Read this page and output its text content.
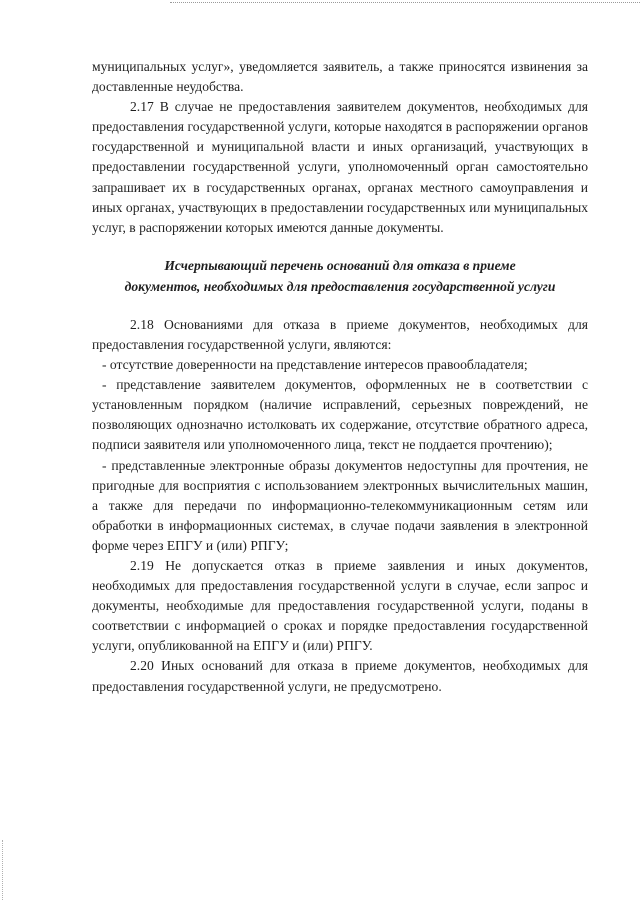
муниципальных услуг», уведомляется заявитель, а также приносятся извинения за доставленные неудобства.

2.17 В случае не предоставления заявителем документов, необходимых для предоставления государственной услуги, которые находятся в распоряжении органов государственной и муниципальной власти и иных организаций, участвующих в предоставлении государственной услуги, уполномоченный орган самостоятельно запрашивает их в государственных органах, органах местного самоуправления и иных органах, участвующих в предоставлении государственных или муниципальных услуг, в распоряжении которых имеются данные документы.

Исчерпывающий перечень оснований для отказа в приеме

документов, необходимых для предоставления государственной услуги

2.18 Основаниями для отказа в приеме документов, необходимых для предоставления государственной услуги, являются:

- отсутствие доверенности на представление интересов правообладателя;

- представление заявителем документов, оформленных не в соответствии с установленным порядком (наличие исправлений, серьезных повреждений, не позволяющих однозначно истолковать их содержание, отсутствие обратного адреса, подписи заявителя или уполномоченного лица, текст не поддается прочтению);

- представленные электронные образы документов недоступны для прочтения, не пригодные для восприятия с использованием электронных вычислительных машин, а также для передачи по информационно-телекоммуникационным сетям или обработки в информационных системах, в случае подачи заявления в электронной форме через ЕПГУ и (или) РПГУ;

2.19 Не допускается отказ в приеме заявления и иных документов, необходимых для предоставления государственной услуги в случае, если запрос и документы, необходимые для предоставления государственной услуги, поданы в соответствии с информацией о сроках и порядке предоставления государственной услуги, опубликованной на ЕПГУ и (или) РПГУ.

2.20 Иных оснований для отказа в приеме документов, необходимых для предоставления государственной услуги, не предусмотрено.
